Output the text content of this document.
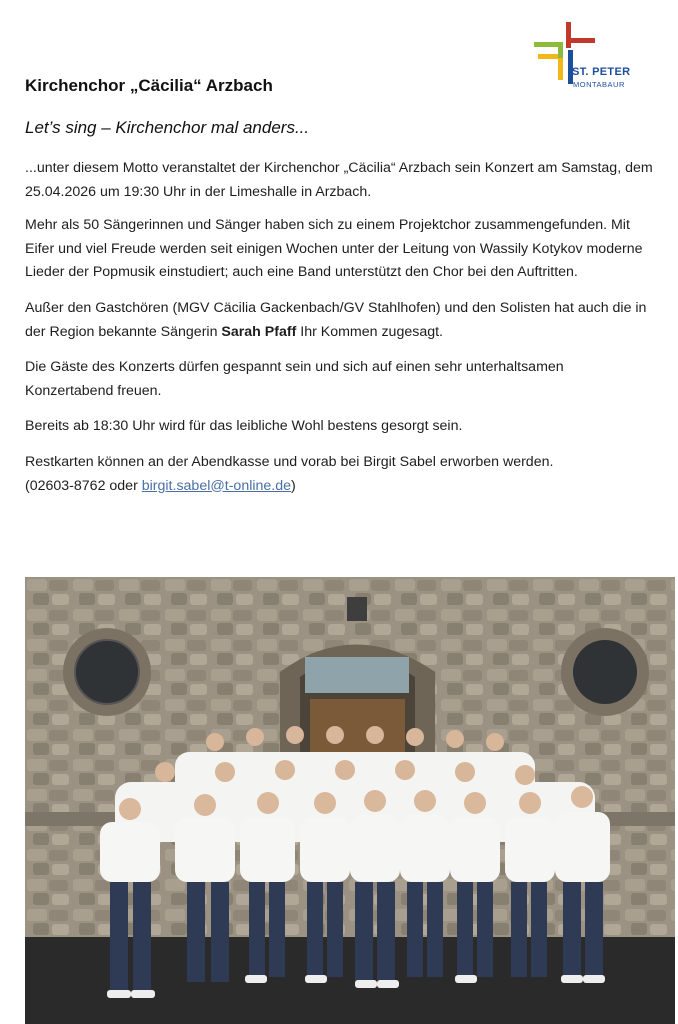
ST. PETER
MONTABAUR
Kirchenchor „Cäcilia“ Arzbach
Let’s sing – Kirchenchor mal anders...

...unter diesem Motto veranstaltet der Kirchenchor „Cäcilia“ Arzbach sein Konzert am Samstag, dem 25.04.2026 um 19:30 Uhr in der Limeshalle in Arzbach.

Mehr als 50 Sängerinnen und Sänger haben sich zu einem Projektchor zusammengefunden. Mit Eifer und viel Freude werden seit einigen Wochen unter der Leitung von Wassily Kotykov moderne Lieder der Popmusik einstudiert; auch eine Band unterstützt den Chor bei den Auftritten.

Außer den Gastchören (MGV Cäcilia Gackenbach/GV Stahlhofen) und den Solisten hat auch die in der Region bekannte Sängerin Sarah Pfaff Ihr Kommen zugesagt.

Die Gäste des Konzerts dürfen gespannt sein und sich auf einen sehr unterhaltsamen Konzertabend freuen.

Bereits ab 18:30 Uhr wird für das leibliche Wohl bestens gesorgt sein.

Restkarten können an der Abendkasse und vorab bei Birgit Sabel erworben werden.
(02603-8762 oder birgit.sabel@t-online.de)
